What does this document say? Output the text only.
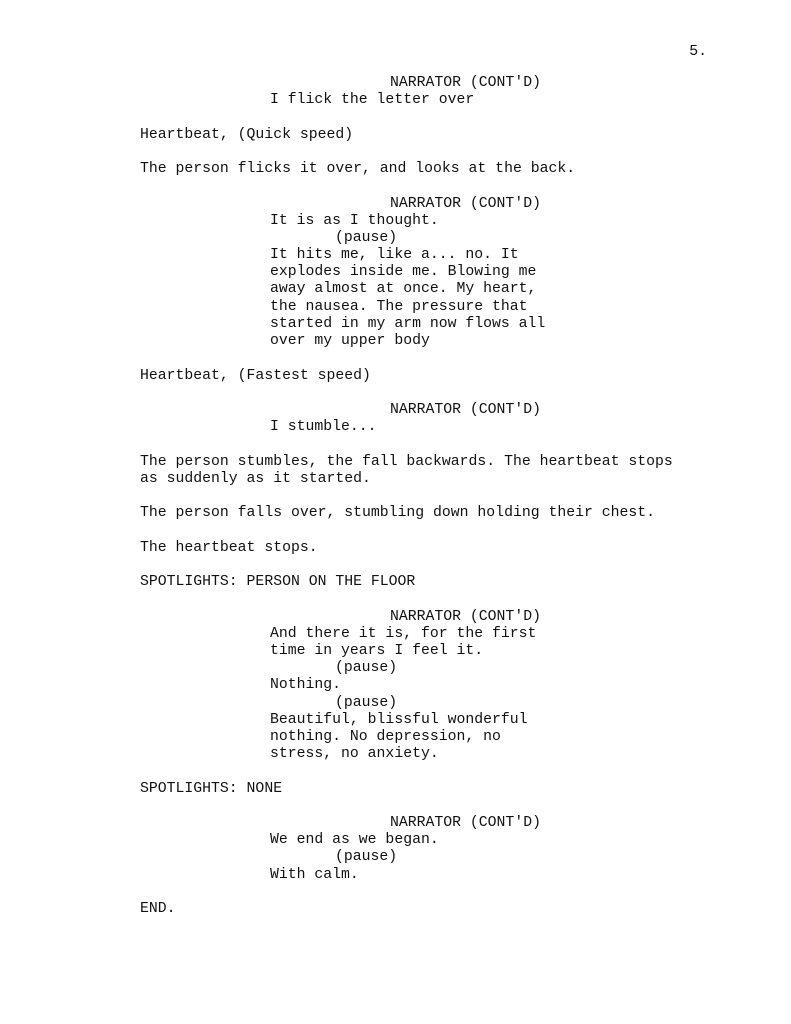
5.

NARRATOR (CONT'D)

I flick the letter over

Heartbeat, (Quick speed)

The person flicks it over, and looks at the back.

NARRATOR (CONT'D)

It is as I thought.

(pause)

It hits me, like a... no. It
explodes inside me. Blowing me
away almost at once. My heart,
the nausea. The pressure that
started in my arm now flows all
over my upper body

Heartbeat, (Fastest speed)

NARRATOR (CONT'D)

I stumble...

The person stumbles, the fall backwards. The heartbeat stops
as suddenly as it started.

The person falls over, stumbling down holding their chest.

The heartbeat stops.

SPOTLIGHTS: PERSON ON THE FLOOR

NARRATOR (CONT'D)

And there it is, for the first
time in years I feel it.

(pause)

Nothing.

(pause)

Beautiful, blissful wonderful
nothing. No depression, no
stress, no anxiety.

SPOTLIGHTS: NONE

NARRATOR (CONT'D)

We end as we began.

(pause)

With calm.

END.
